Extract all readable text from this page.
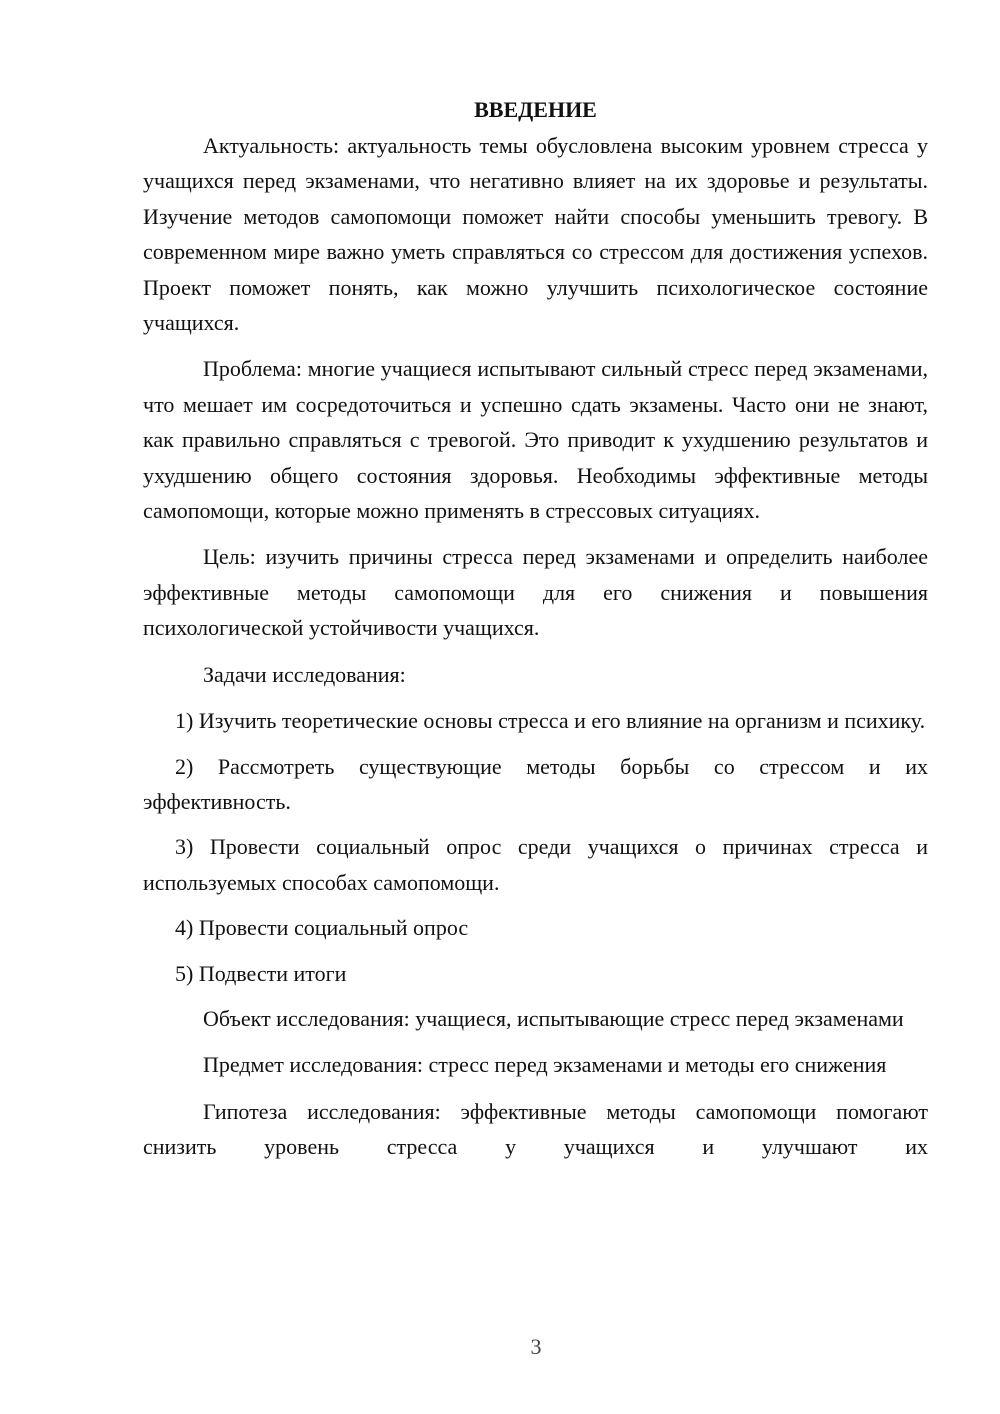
ВВЕДЕНИЕ

Актуальность: актуальность темы обусловлена высоким уровнем стресса у учащихся перед экзаменами, что негативно влияет на их здоровье и результаты. Изучение методов самопомощи поможет найти способы уменьшить тревогу. В современном мире важно уметь справляться со стрессом для достижения успехов. Проект поможет понять, как можно улучшить психологическое состояние учащихся.

Проблема: многие учащиеся испытывают сильный стресс перед экзаменами, что мешает им сосредоточиться и успешно сдать экзамены. Часто они не знают, как правильно справляться с тревогой. Это приводит к ухудшению результатов и ухудшению общего состояния здоровья. Необходимы эффективные методы самопомощи, которые можно применять в стрессовых ситуациях.

Цель: изучить причины стресса перед экзаменами и определить наиболее эффективные методы самопомощи для его снижения и повышения психологической устойчивости учащихся.

Задачи исследования:

1) Изучить теоретические основы стресса и его влияние на организм и психику.

2) Рассмотреть существующие методы борьбы со стрессом и их эффективность.

3) Провести социальный опрос среди учащихся о причинах стресса и используемых способах самопомощи.

4) Провести социальный опрос

5) Подвести итоги

Объект исследования: учащиеся, испытывающие стресс перед экзаменами

Предмет исследования: стресс перед экзаменами и методы его снижения

Гипотеза исследования: эффективные методы самопомощи помогают снизить уровень стресса у учащихся и улучшают их

3
